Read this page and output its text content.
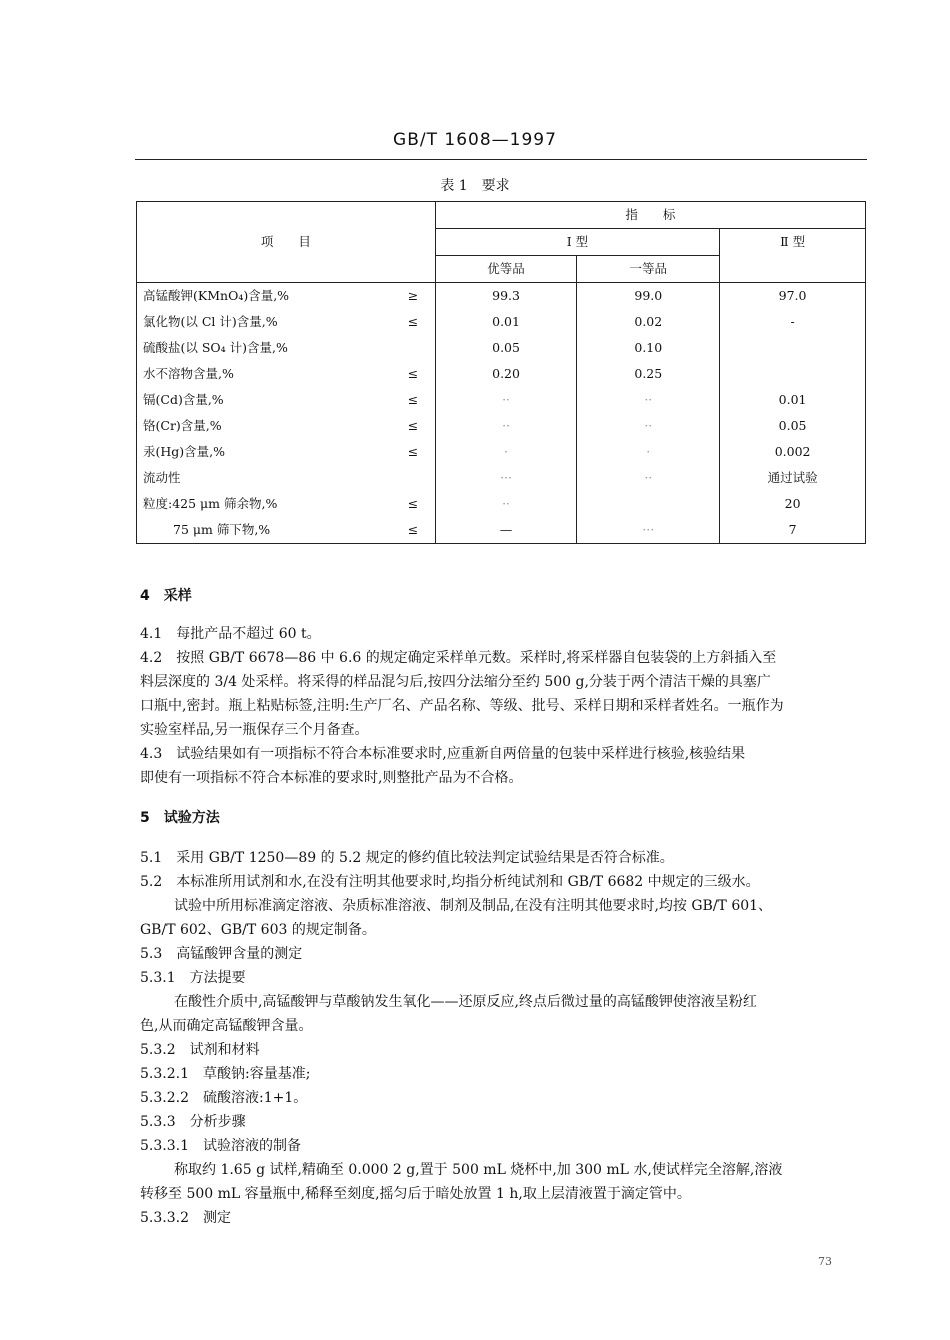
GB/T 1608—1997
表 1　要求
项　　目		指　　标		
		Ⅰ 型		Ⅱ 型
		优等品	一等品	
高锰酸钾(KMnO₄)含量,%	≥	99.3	99.0	97.0
氯化物(以 Cl 计)含量,%	≤	0.01	0.02	-
硫酸盐(以 SO₄ 计)含量,%		0.05	0.10	
水不溶物含量,%	≤	0.20	0.25	
镉(Cd)含量,%	≤	··	··	0.01
铬(Cr)含量,%	≤	··	··	0.05
汞(Hg)含量,%	≤	·	·	0.002
流动性		···	··	通过试验
粒度:425 μm 筛余物,%	≤	··		20
75 μm 筛下物,%	≤	—	···	7
4　采样
4.1　每批产品不超过 60 t。
4.2　按照 GB/T 6678—86 中 6.6 的规定确定采样单元数。采样时,将采样器自包装袋的上方斜插入至
料层深度的 3/4 处采样。将采得的样品混匀后,按四分法缩分至约 500 g,分装于两个清洁干燥的具塞广
口瓶中,密封。瓶上粘贴标签,注明:生产厂名、产品名称、等级、批号、采样日期和采样者姓名。一瓶作为
实验室样品,另一瓶保存三个月备查。
4.3　试验结果如有一项指标不符合本标准要求时,应重新自两倍量的包装中采样进行核验,核验结果
即使有一项指标不符合本标准的要求时,则整批产品为不合格。
5　试验方法
5.1　采用 GB/T 1250—89 的 5.2 规定的修约值比较法判定试验结果是否符合标准。
5.2　本标准所用试剂和水,在没有注明其他要求时,均指分析纯试剂和 GB/T 6682 中规定的三级水。
试验中所用标准滴定溶液、杂质标准溶液、制剂及制品,在没有注明其他要求时,均按 GB/T 601、
GB/T 602、GB/T 603 的规定制备。
5.3　高锰酸钾含量的测定
5.3.1　方法提要
在酸性介质中,高锰酸钾与草酸钠发生氧化——还原反应,终点后微过量的高锰酸钾使溶液呈粉红
色,从而确定高锰酸钾含量。
5.3.2　试剂和材料
5.3.2.1　草酸钠:容量基准;
5.3.2.2　硫酸溶液:1+1。
5.3.3　分析步骤
5.3.3.1　试验溶液的制备
称取约 1.65 g 试样,精确至 0.000 2 g,置于 500 mL 烧杯中,加 300 mL 水,使试样完全溶解,溶液
转移至 500 mL 容量瓶中,稀释至刻度,摇匀后于暗处放置 1 h,取上层清液置于滴定管中。
5.3.3.2　测定
73
